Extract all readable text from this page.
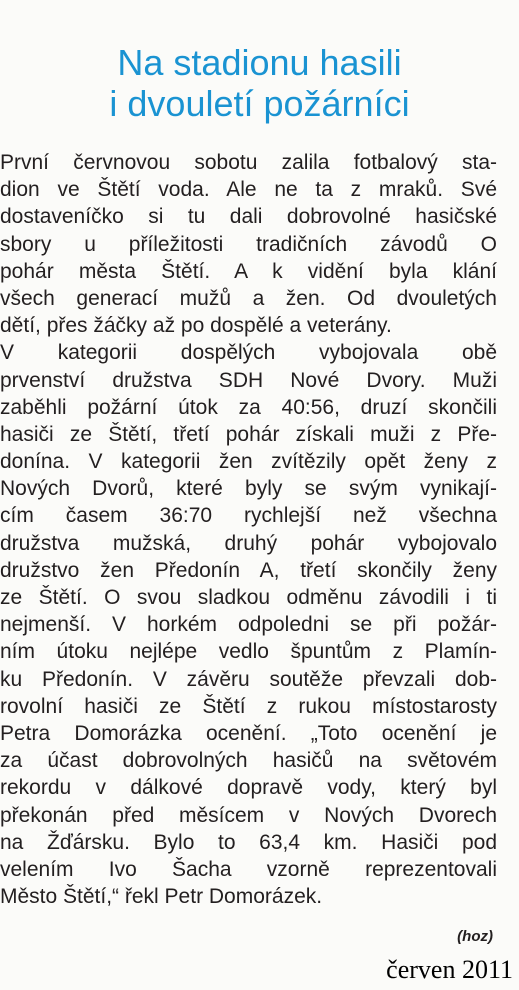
Na stadionu hasili
i dvouletí požárníci
První červnovou sobotu zalila fotbalový sta-
dion ve Štětí voda. Ale ne ta z mraků. Své
dostaveníčko si tu dali dobrovolné hasičské
sbory u příležitosti tradičních závodů O
pohár města Štětí. A k vidění byla klání
všech generací mužů a žen. Od dvouletých
dětí, přes žáčky až po dospělé a veterány.
V kategorii dospělých vybojovala obě
prvenství družstva SDH Nové Dvory. Muži
zaběhli požární útok za 40:56, druzí skončili
hasiči ze Štětí, třetí pohár získali muži z Pře-
donína. V kategorii žen zvítězily opět ženy z
Nových Dvorů, které byly se svým vynikají-
cím časem 36:70 rychlejší než všechna
družstva mužská, druhý pohár vybojovalo
družstvo žen Předonín A, třetí skončily ženy
ze Štětí. O svou sladkou odměnu závodili i ti
nejmenší. V horkém odpoledni se při požár-
ním útoku nejlépe vedlo špuntům z Plamín-
ku Předonín. V závěru soutěže převzali dob-
rovolní hasiči ze Štětí z rukou místostarosty
Petra Domorázka ocenění. „Toto ocenění je
za účast dobrovolných hasičů na světovém
rekordu v dálkové dopravě vody, který byl
překonán před měsícem v Nových Dvorech
na Žďársku. Bylo to 63,4 km. Hasiči pod
velením Ivo Šacha vzorně reprezentovali
Město Štětí,“ řekl Petr Domorázek.
(hoz)
červen 2011
